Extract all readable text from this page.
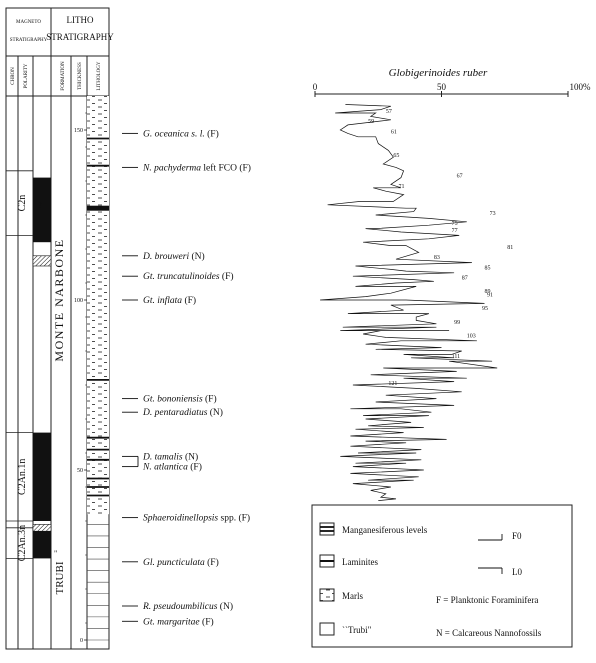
MAGNETO
STRATIGRAPHY
LITHO
STRATIGRAPHY
CHRON POLARITY	FORMATION THICKNESS	LITHOLOGY
150
100
50
0
C2n
C2An.1n
C2An.3n
G. oceanica s. l. (F)
N. pachyderma left FCO (F)
D. brouweri (N)
Gt. truncatulinoides (F)
Gt. inflata (F)
Gt. bononiensis (F)
D. pentaradiatus (N)
D. tamalis (N)
N. atlantica (F)
Sphaeroidinellopsis spp. (F)
Gl. puncticulata (F)
R. pseudoumbilicus (N)
Gt. margaritae (F)
?
MONTE NARBONE
"
TRUBI
Globigerinoides ruber
0	50	100%
57
59
61
65
67
71
73
75
77
81
83
85
87
89
91
95
99
103
111
121
Manganesiferous levels
Laminites
Marls
``Trubi"
F0
L0
F = Planktonic Foraminifera
N = Calcareous Nannofossils
